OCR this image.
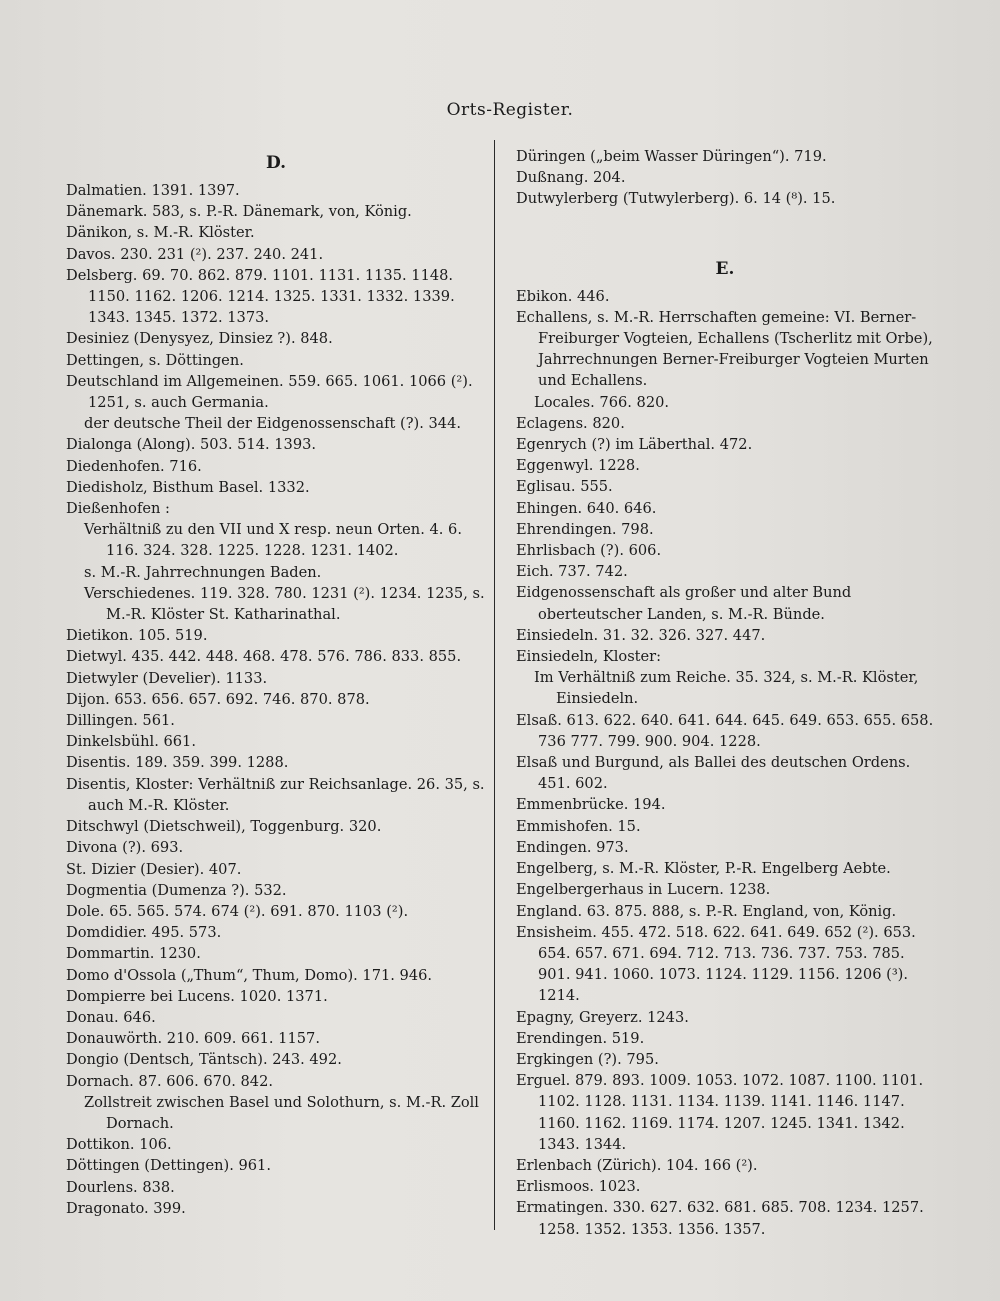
Orts-Register.

D.
Dalmatien. 1391. 1397.
Dänemark. 583, s. P.-R. Dänemark, von, König.
Dänikon, s. M.-R. Klöster.
Davos. 230. 231 (²). 237. 240. 241.
Delsberg. 69. 70. 862. 879. 1101. 1131. 1135. 1148. 1150. 1162. 1206. 1214. 1325. 1331. 1332. 1339. 1343. 1345. 1372. 1373.
Desiniez (Denysyez, Dinsiez ?). 848.
Dettingen, s. Döttingen.
Deutschland im Allgemeinen. 559. 665. 1061. 1066 (²). 1251, s. auch Germania.
der deutsche Theil der Eidgenossenschaft (?). 344.
Dialonga (Along). 503. 514. 1393.
Diedenhofen. 716.
Diedisholz, Bisthum Basel. 1332.
Dießenhofen :
Verhältniß zu den VII und X resp. neun Orten. 4. 6. 116. 324. 328. 1225. 1228. 1231. 1402.
s. M.-R. Jahrrechnungen Baden.
Verschiedenes. 119. 328. 780. 1231 (²). 1234. 1235, s. M.-R. Klöster St. Katharinathal.
Dietikon. 105. 519.
Dietwyl. 435. 442. 448. 468. 478. 576. 786. 833. 855.
Dietwyler (Develier). 1133.
Dijon. 653. 656. 657. 692. 746. 870. 878.
Dillingen. 561.
Dinkelsbühl. 661.
Disentis. 189. 359. 399. 1288.
Disentis, Kloster: Verhältniß zur Reichsanlage. 26. 35, s. auch M.-R. Klöster.
Ditschwyl (Dietschweil), Toggenburg. 320.
Divona (?). 693.
St. Dizier (Desier). 407.
Dogmentia (Dumenza ?). 532.
Dole. 65. 565. 574. 674 (²). 691. 870. 1103 (²).
Domdidier. 495. 573.
Dommartin. 1230.
Domo d'Ossola („Thum“, Thum, Domo). 171. 946.
Dompierre bei Lucens. 1020. 1371.
Donau. 646.
Donauwörth. 210. 609. 661. 1157.
Dongio (Dentsch, Täntsch). 243. 492.
Dornach. 87. 606. 670. 842.
Zollstreit zwischen Basel und Solothurn, s. M.-R. Zoll Dornach.
Dottikon. 106.
Döttingen (Dettingen). 961.
Dourlens. 838.
Dragonato. 399.
Düringen („beim Wasser Düringen“). 719.
Dußnang. 204.
Dutwylerberg (Tutwylerberg). 6. 14 (⁸). 15.
E.
Ebikon. 446.
Echallens, s. M.-R. Herrschaften gemeine: VI. Berner-Freiburger Vogteien, Echallens (Tscherlitz mit Orbe), Jahrrechnungen Berner-Freiburger Vogteien Murten und Echallens.
Locales. 766. 820.
Eclagens. 820.
Egenrych (?) im Läberthal. 472.
Eggenwyl. 1228.
Eglisau. 555.
Ehingen. 640. 646.
Ehrendingen. 798.
Ehrlisbach (?). 606.
Eich. 737. 742.
Eidgenossenschaft als großer und alter Bund oberteutscher Landen, s. M.-R. Bünde.
Einsiedeln. 31. 32. 326. 327. 447.
Einsiedeln, Kloster:
Im Verhältniß zum Reiche. 35. 324, s. M.-R. Klöster, Einsiedeln.
Elsaß. 613. 622. 640. 641. 644. 645. 649. 653. 655. 658. 736 777. 799. 900. 904. 1228.
Elsaß und Burgund, als Ballei des deutschen Ordens. 451. 602.
Emmenbrücke. 194.
Emmishofen. 15.
Endingen. 973.
Engelberg, s. M.-R. Klöster, P.-R. Engelberg Aebte.
Engelbergerhaus in Lucern. 1238.
England. 63. 875. 888, s. P.-R. England, von, König.
Ensisheim. 455. 472. 518. 622. 641. 649. 652 (²). 653. 654. 657. 671. 694. 712. 713. 736. 737. 753. 785. 901. 941. 1060. 1073. 1124. 1129. 1156. 1206 (³). 1214.
Epagny, Greyerz. 1243.
Erendingen. 519.
Ergkingen (?). 795.
Erguel. 879. 893. 1009. 1053. 1072. 1087. 1100. 1101. 1102. 1128. 1131. 1134. 1139. 1141. 1146. 1147. 1160. 1162. 1169. 1174. 1207. 1245. 1341. 1342. 1343. 1344.
Erlenbach (Zürich). 104. 166 (²).
Erlismoos. 1023.
Ermatingen. 330. 627. 632. 681. 685. 708. 1234. 1257. 1258. 1352. 1353. 1356. 1357.
